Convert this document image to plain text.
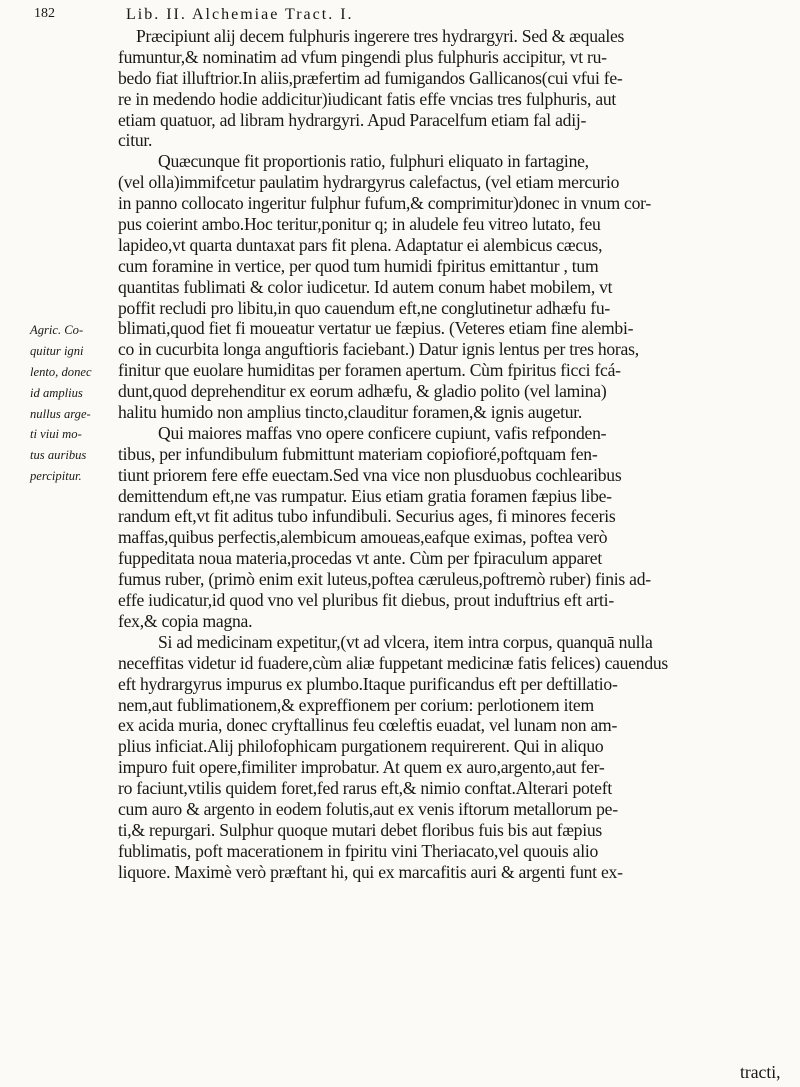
182	Lib. II. Alchemiae Tract. I.
Agric. Co-
quitur igni
lento, donec
id amplius
nullus arge-
ti viui mo-
tus auribus
percipitur.
Præcipiunt alij decem fulphuris ingerere tres hydrargyri. Sed & æquales
fumuntur,& nominatim ad vfum pingendi plus fulphuris accipitur, vt ru-
bedo fiat illuftrior.In aliis,præfertim ad fumigandos Gallicanos(cui vfui fe-
re in medendo hodie addicitur)iudicant fatis effe vncias tres fulphuris, aut
etiam quatuor, ad libram hydrargyri. Apud Paracelfum etiam fal adij-
citur.
Quæcunque fit proportionis ratio, fulphuri eliquato in fartagine,
(vel olla)immifcetur paulatim hydrargyrus calefactus, (vel etiam mercurio
in panno collocato ingeritur fulphur fufum,& comprimitur)donec in vnum cor-
pus coierint ambo.Hoc teritur,ponitur q; in aludele feu vitreo lutato, feu
lapideo,vt quarta duntaxat pars fit plena. Adaptatur ei alembicus cæcus,
cum foramine in vertice, per quod tum humidi fpiritus emittantur , tum
quantitas fublimati & color iudicetur. Id autem conum habet mobilem, vt
poffit recludi pro libitu,in quo cauendum eft,ne conglutinetur adhæfu fu-
blimati,quod fiet fi moueatur vertatur ue fæpius. (Veteres etiam fine alembi-
co in cucurbita longa anguftioris faciebant.) Datur ignis lentus per tres horas,
finitur que euolare humiditas per foramen apertum. Cùm fpiritus ficci fcá-
dunt,quod deprehenditur ex eorum adhæfu, & gladio polito (vel lamina)
halitu humido non amplius tincto,clauditur foramen,& ignis augetur.
Qui maiores maffas vno opere conficere cupiunt, vafis refponden-
tibus, per infundibulum fubmittunt materiam copiofioré,poftquam fen-
tiunt priorem fere effe euectam.Sed vna vice non plusduobus cochlearibus
demittendum eft,ne vas rumpatur. Eius etiam gratia foramen fæpius libe-
randum eft,vt fit aditus tubo infundibuli. Securius ages, fi minores feceris
maffas,quibus perfectis,alembicum amoueas,eafque eximas, poftea verò
fuppeditata noua materia,procedas vt ante. Cùm per fpiraculum apparet
fumus ruber, (primò enim exit luteus,poftea cæruleus,poftremò ruber) finis ad-
effe iudicatur,id quod vno vel pluribus fit diebus, prout induftrius eft arti-
fex,& copia magna.
Si ad medicinam expetitur,(vt ad vlcera, item intra corpus, quanquā nulla
neceffitas videtur id fuadere,cùm aliæ fuppetant medicinæ fatis felices) cauendus
eft hydrargyrus impurus ex plumbo.Itaque purificandus eft per deftillatio-
nem,aut fublimationem,& expreffionem per corium: perlotionem item
ex acida muria, donec cryftallinus feu cœleftis euadat, vel lunam non am-
plius inficiat.Alij philofophicam purgationem requirerent. Qui in aliquo
impuro fuit opere,fimiliter improbatur. At quem ex auro,argento,aut fer-
ro faciunt,vtilis quidem foret,fed rarus eft,& nimio conftat.Alterari poteft
cum auro & argento in eodem folutis,aut ex venis iftorum metallorum pe-
ti,& repurgari. Sulphur quoque mutari debet floribus fuis bis aut fæpius
fublimatis, poft macerationem in fpiritu vini Theriacato,vel quouis alio
liquore. Maximè verò præftant hi, qui ex marcafitis auri & argenti funt ex-
tracti,
